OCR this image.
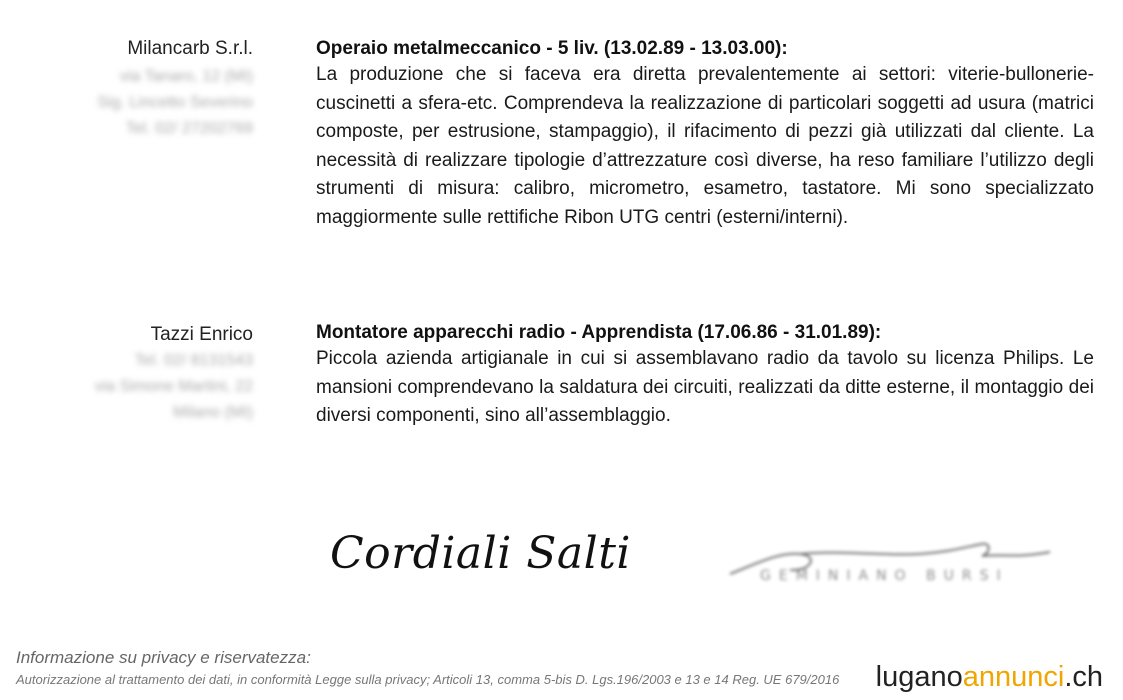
Milancarb S.r.l.
via Tanaro, 12 (MI)
Sig. Lincetto Severino
Tel. 02/ 27202769
Operaio metalmeccanico - 5 liv. (13.02.89 - 13.03.00):
La produzione che si faceva era diretta prevalentemente ai settori: viterie-bullonerie- cuscinetti a sfera-etc. Comprendeva la realizzazione di particolari soggetti ad usura (matrici composte, per estrusione, stampaggio), il rifacimento di pezzi già utilizzati dal cliente. La necessità di realizzare tipologie d’attrezzature così diverse, ha reso familiare l’utilizzo degli strumenti di misura: calibro, micrometro, esametro, tastatore. Mi sono specializzato maggiormente sulle rettifiche Ribon UTG centri (esterni/interni).
Tazzi Enrico
Tel. 02/ 8131543
via Simone Martini, 22
Milano (MI)
Montatore apparecchi radio - Apprendista (17.06.86 - 31.01.89):
Piccola azienda artigianale in cui si assemblavano radio da tavolo su licenza Philips. Le mansioni comprendevano la saldatura dei circuiti, realizzati da ditte esterne, il montaggio dei diversi componenti, sino all’assemblaggio.
Cordiali Salti	GEMINIANO BURSI
Informazione su privacy e riservatezza:
Autorizzazione al trattamento dei dati, in conformità Legge sulla privacy; Articoli 13, comma 5-bis D. Lgs.196/2003 e 13 e 14 Reg. UE 679/2016	luganoannunci.ch
